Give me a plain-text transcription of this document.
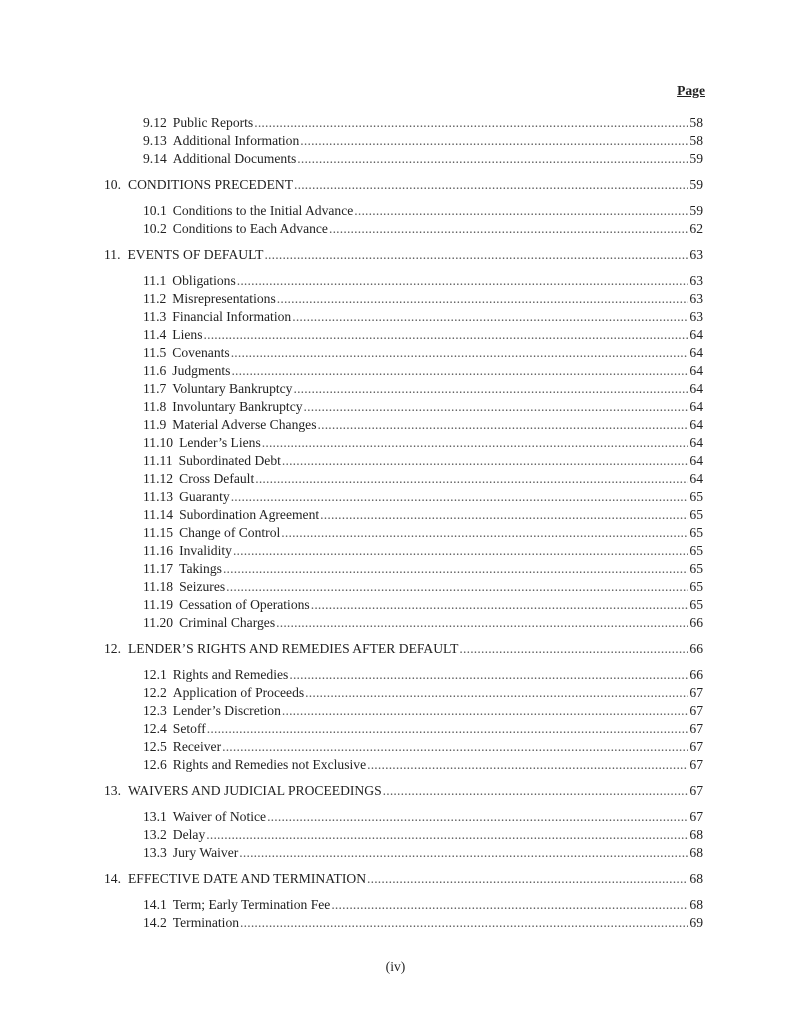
Page
9.12 Public Reports . . .	58
9.13 Additional Information . . .	58
9.14 Additional Documents . . .	59
10. CONDITIONS PRECEDENT . . .	59
10.1 Conditions to the Initial Advance . . .	59
10.2 Conditions to Each Advance . . .	62
11. EVENTS OF DEFAULT . . .	63
11.1 Obligations . . .	63
11.2 Misrepresentations . . .	63
11.3 Financial Information . . .	63
11.4 Liens . . .	64
11.5 Covenants . . .	64
11.6 Judgments . . .	64
11.7 Voluntary Bankruptcy . . .	64
11.8 Involuntary Bankruptcy . . .	64
11.9 Material Adverse Changes . . .	64
11.10 Lender’s Liens . . .	64
11.11 Subordinated Debt . . .	64
11.12 Cross Default . . .	64
11.13 Guaranty . . .	65
11.14 Subordination Agreement . . .	65
11.15 Change of Control . . .	65
11.16 Invalidity . . .	65
11.17 Takings . . .	65
11.18 Seizures . . .	65
11.19 Cessation of Operations . . .	65
11.20 Criminal Charges . . .	66
12. LENDER’S RIGHTS AND REMEDIES AFTER DEFAULT . . .	66
12.1 Rights and Remedies . . .	66
12.2 Application of Proceeds . . .	67
12.3 Lender’s Discretion . . .	67
12.4 Setoff . . .	67
12.5 Receiver . . .	67
12.6 Rights and Remedies not Exclusive . . .	67
13. WAIVERS AND JUDICIAL PROCEEDINGS . . .	67
13.1 Waiver of Notice . . .	67
13.2 Delay . . .	68
13.3 Jury Waiver . . .	68
14. EFFECTIVE DATE AND TERMINATION . . .	68
14.1 Term; Early Termination Fee . . .	68
14.2 Termination . . .	69
(iv)
